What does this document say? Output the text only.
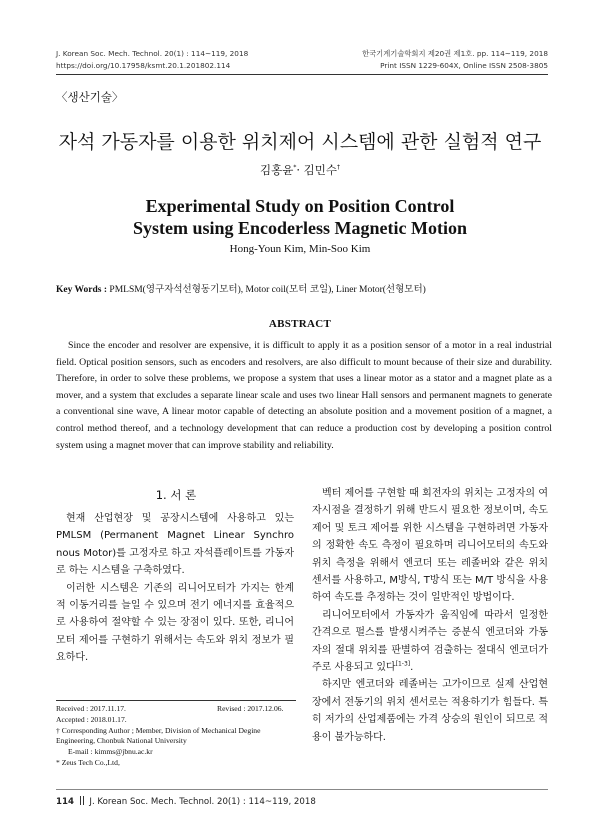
J. Korean Soc. Mech. Technol. 20(1) : 114~119, 2018
https://doi.org/10.17958/ksmt.20.1.201802.114
한국기계기술학회지 제20권 제1호. pp. 114~119, 2018
Print ISSN 1229-604X, Online ISSN 2508-3805
〈생산기술〉
자석 가동자를 이용한 위치제어 시스템에 관한 실험적 연구
김홍윤*· 김민수†
Experimental Study on Position Control System using Encoderless Magnetic Motion
Hong-Youn Kim, Min-Soo Kim
Key Words : PMLSM(영구자석선형동기모터), Motor coil(모터 코일), Liner Motor(선형모터)
ABSTRACT
Since the encoder and resolver are expensive, it is difficult to apply it as a position sensor of a motor in a real industrial field. Optical position sensors, such as encoders and resolvers, are also difficult to mount because of their size and durability. Therefore, in order to solve these problems, we propose a system that uses a linear motor as a stator and a magnet plate as a mover, and a system that excludes a separate linear scale and uses two linear Hall sensors and permanent magnets to generate a conventional sine wave, A linear motor capable of detecting an absolute position and a movement position of a magnet, a control method thereof, and a technology development that can reduce a production cost by developing a position control system using a magnet mover that can improve stability and reliability.
1. 서 론

현재 산업현장 및 공장시스템에 사용하고 있는 PMLSM (Permanent Magnet Linear Synchro nous Motor)를 고정자로 하고 자석플레이트를 가동자로 하는 시스템을 구축하였다.

이러한 시스템은 기존의 리니어모터가 가지는 한계적 이동거리를 늘일 수 있으며 전기 에너지를 효율적으로 사용하여 절약할 수 있는 장점이 있다. 또한, 리니어모터 제어를 구현하기 위해서는 속도와 위치 정보가 필요하다.

Received : 2017.11.17.	Revised : 2017.12.06.
Accepted : 2018.01.17.
† Corresponding Author ; Member, Division of Mechanical Degine Engineering, Chonbuk National University
E-mail : kimms@jbnu.ac.kr
* Zeus Tech Co.,Ltd,

벡터 제어를 구현할 때 회전자의 위치는 고정자의 여자시점을 결정하기 위해 반드시 필요한 정보이며, 속도 제어 및 토크 제어를 위한 시스템을 구현하려면 가동자의 정확한 속도 측정이 필요하며 리니어모터의 속도와 위치 측정을 위해서 엔코더 또는 레졸버와 같은 위치 센서를 사용하고, M방식, T방식 또는 M/T 방식을 사용하여 속도를 추정하는 것이 일반적인 방법이다.

리니어모터에서 가동자가 움직임에 따라서 일정한 간격으로 펄스를 발생시켜주는 증분식 엔코더와 가동자의 절대 위치를 판별하여 검출하는 절대식 엔코더가 주로 사용되고 있다[1-3].

하지만 엔코더와 레졸버는 고가이므로 실제 산업현장에서 전동기의 위치 센서로는 적용하기가 힘들다. 특히 저가의 산업제품에는 가격 상승의 원인이 되므로 적용이 불가능하다.

114 J. Korean Soc. Mech. Technol. 20(1) : 114~119, 2018
